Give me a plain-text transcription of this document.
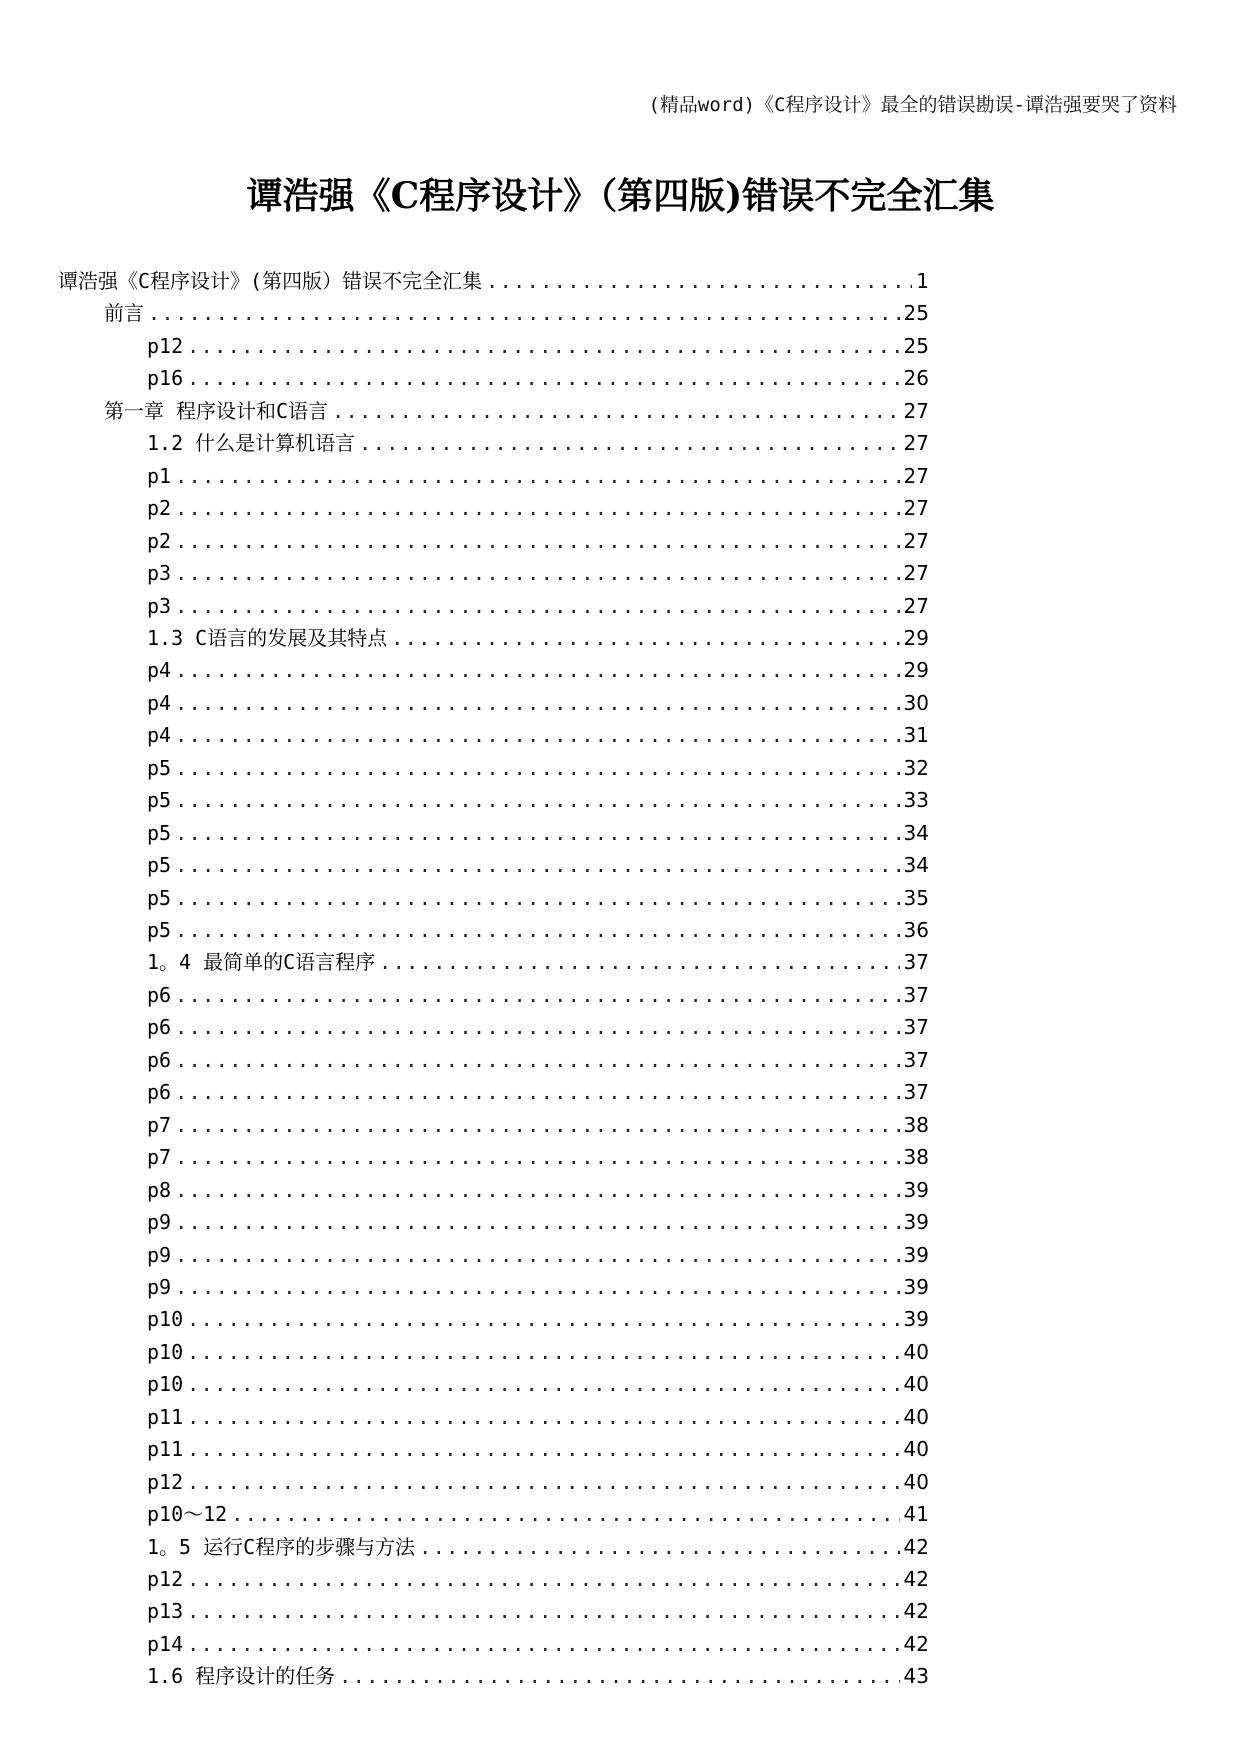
(精品word)《C程序设计》最全的错误勘误-谭浩强要哭了资料
谭浩强《C程序设计》（第四版)错误不完全汇集
谭浩强《C程序设计》(第四版）错误不完全汇集 .....	1
前言 .....	25
p12 .....	25
p16 .....	26
第一章 程序设计和C语言 .....	27
1.2 什么是计算机语言 .....	27
p1 .....	27
p2 .....	27
p2 .....	27
p3 .....	27
p3 .....	27
1.3 C语言的发展及其特点 .....	29
p4 .....	29
p4 .....	30
p4 .....	31
p5 .....	32
p5 .....	33
p5 .....	34
p5 .....	34
p5 .....	35
p5 .....	36
1。4 最简单的C语言程序 .....	37
p6 .....	37
p6 .....	37
p6 .....	37
p6 .....	37
p7 .....	38
p7 .....	38
p8 .....	39
p9 .....	39
p9 .....	39
p9 .....	39
p10 .....	39
p10 .....	40
p10 .....	40
p11 .....	40
p11 .....	40
p12 .....	40
p10～12 .....	41
1。5 运行C程序的步骤与方法 .....	42
p12 .....	42
p13 .....	42
p14 .....	42
1.6 程序设计的任务 .....	43
